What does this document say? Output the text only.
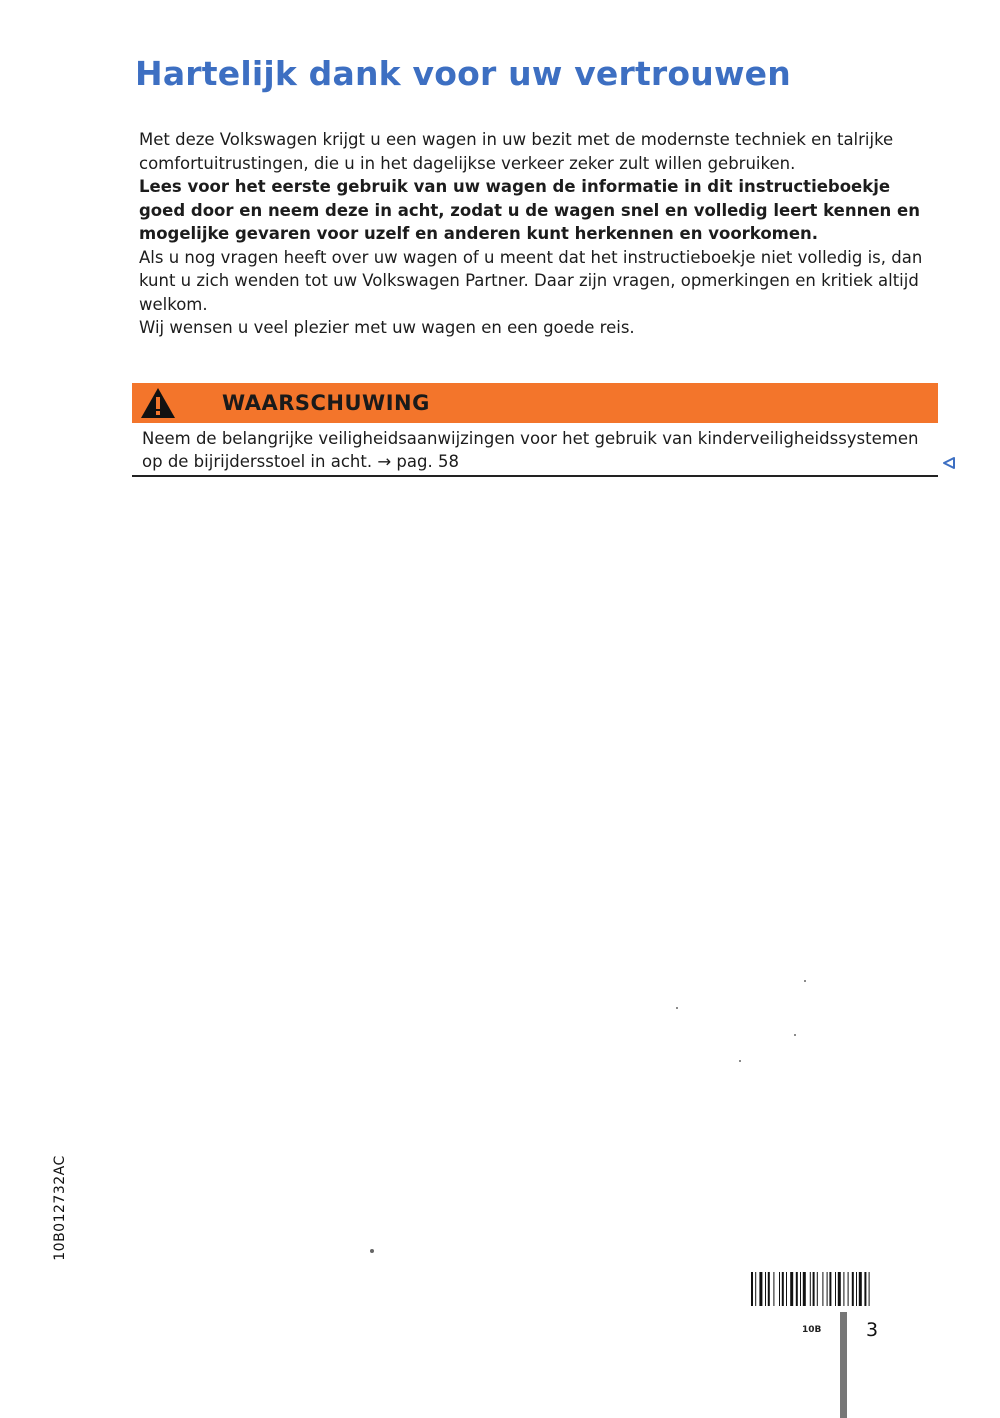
Hartelijk dank voor uw vertrouwen

Met deze Volkswagen krijgt u een wagen in uw bezit met de modernste techniek en talrijke comfortuitrustingen, die u in het dagelijkse verkeer zeker zult willen gebruiken.

Lees voor het eerste gebruik van uw wagen de informatie in dit instructieboekje goed door en neem deze in acht, zodat u de wagen snel en volledig leert kennen en mogelijke gevaren voor uzelf en anderen kunt herkennen en voorkomen.

Als u nog vragen heeft over uw wagen of u meent dat het instructieboekje niet volledig is, dan kunt u zich wenden tot uw Volkswagen Partner. Daar zijn vragen, opmerkingen en kritiek altijd welkom.

Wij wensen u veel plezier met uw wagen en een goede reis.

WAARSCHUWING
Neem de belangrijke veiligheidsaanwijzingen voor het gebruik van kinderveiligheidssystemen op de bijrijdersstoel in acht. → pag. 58
10B012732AC
10B 3
